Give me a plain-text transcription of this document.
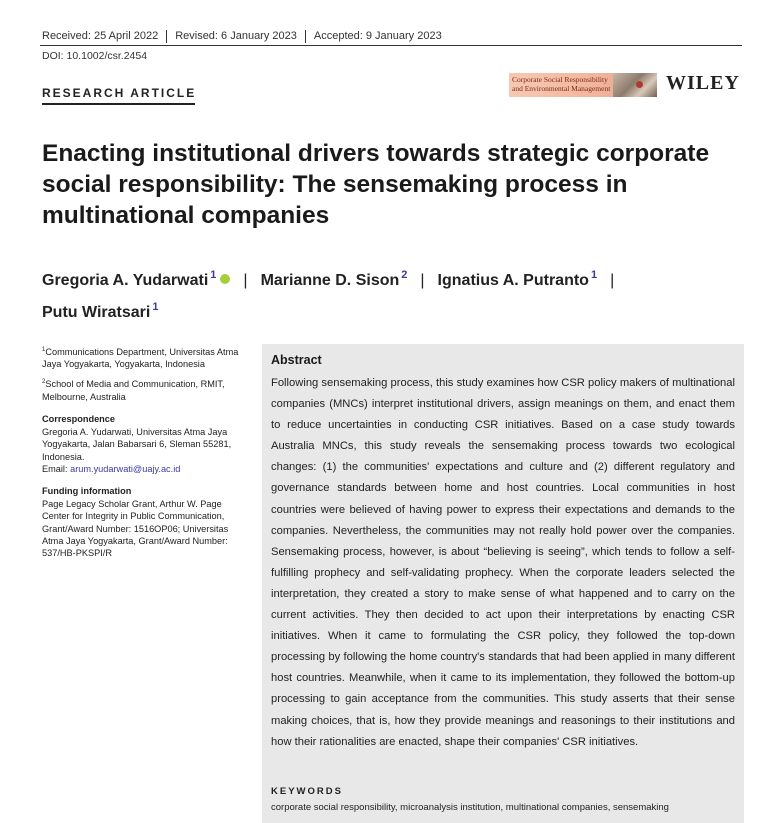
Received: 25 April 2022	Revised: 6 January 2023	Accepted: 9 January 2023
DOI: 10.1002/csr.2454
RESEARCH ARTICLE
Corporate Social Responsibility and Environmental Management	WILEY
Enacting institutional drivers towards strategic corporate social responsibility: The sensemaking process in multinational companies
Gregoria A. Yudarwati $^1$ | Marianne D. Sison $^2$ | Ignatius A. Putranto $^1$ |
Putu Wiratsari $^1$

$^1$Communications Department, Universitas Atma Jaya Yogyakarta, Yogyakarta, Indonesia

$^2$School of Media and Communication, RMIT, Melbourne, Australia

Correspondence

Gregoria A. Yudarwati, Universitas Atma Jaya Yogyakarta, Jalan Babarsari 6, Sleman 55281, Indonesia.
Email: arum.yudarwati@uajy.ac.id

Funding information

Page Legacy Scholar Grant, Arthur W. Page Center for Integrity in Public Communication, Grant/Award Number: 1516OP06; Universitas Atma Jaya Yogyakarta, Grant/Award Number: 537/HB-PKSPI/R

Abstract
Following sensemaking process, this study examines how CSR policy makers of multinational companies (MNCs) interpret institutional drivers, assign meanings on them, and enact them to reduce uncertainties in conducting CSR initiatives. Based on a case study towards Australia MNCs, this study reveals the sensemaking process towards two ecological changes: (1) the communities' expectations and culture and (2) different regulatory and governance standards between home and host countries. Local communities in host countries were believed of having power to express their expectations and demands to the companies. Nevertheless, the communities may not really hold power over the companies. Sensemaking process, however, is about “believing is seeing”, which tends to follow a self-fulfilling prophecy and self-validating prophecy. When the corporate leaders selected the interpretation, they created a story to make sense of what happened and to carry on the current activities. They then decided to act upon their interpretations by enacting CSR initiatives. When it came to formulating the CSR policy, they followed the top-down processing by following the home country's standards that had been applied in many different host countries. Meanwhile, when it came to its implementation, they followed the bottom-up processing to gain acceptance from the communities. This study asserts that their sense making choices, that is, how they provide meanings and reasonings to their institutions and how their rationalities are enacted, shape their companies' CSR initiatives.
KEYWORDS
corporate social responsibility, microanalysis institution, multinational companies, sensemaking
